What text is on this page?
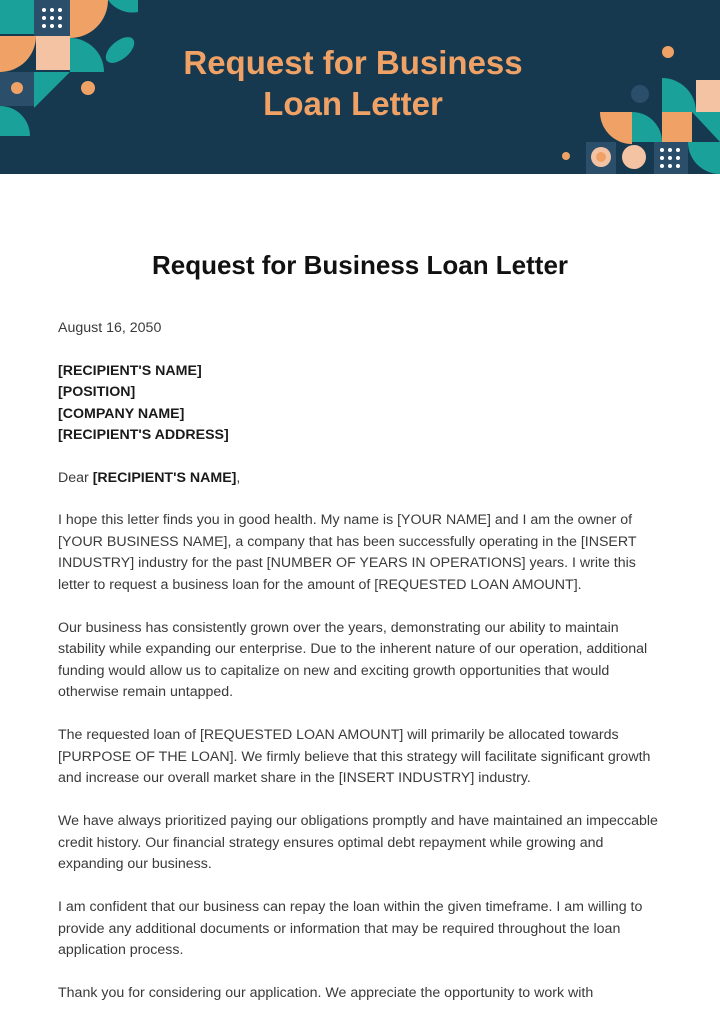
Request for Business
Loan Letter
Request for Business Loan Letter

August 16, 2050

[RECIPIENT'S NAME]
[POSITION]
[COMPANY NAME]
[RECIPIENT'S ADDRESS]

Dear [RECIPIENT'S NAME],

I hope this letter finds you in good health. My name is [YOUR NAME] and I am the owner of [YOUR BUSINESS NAME], a company that has been successfully operating in the [INSERT INDUSTRY] industry for the past [NUMBER OF YEARS IN OPERATIONS] years. I write this letter to request a business loan for the amount of [REQUESTED LOAN AMOUNT].

Our business has consistently grown over the years, demonstrating our ability to maintain stability while expanding our enterprise. Due to the inherent nature of our operation, additional funding would allow us to capitalize on new and exciting growth opportunities that would otherwise remain untapped.

The requested loan of [REQUESTED LOAN AMOUNT] will primarily be allocated towards [PURPOSE OF THE LOAN]. We firmly believe that this strategy will facilitate significant growth and increase our overall market share in the [INSERT INDUSTRY] industry.

We have always prioritized paying our obligations promptly and have maintained an impeccable credit history. Our financial strategy ensures optimal debt repayment while growing and expanding our business.

I am confident that our business can repay the loan within the given timeframe. I am willing to provide any additional documents or information that may be required throughout the loan application process.

Thank you for considering our application. We appreciate the opportunity to work with
